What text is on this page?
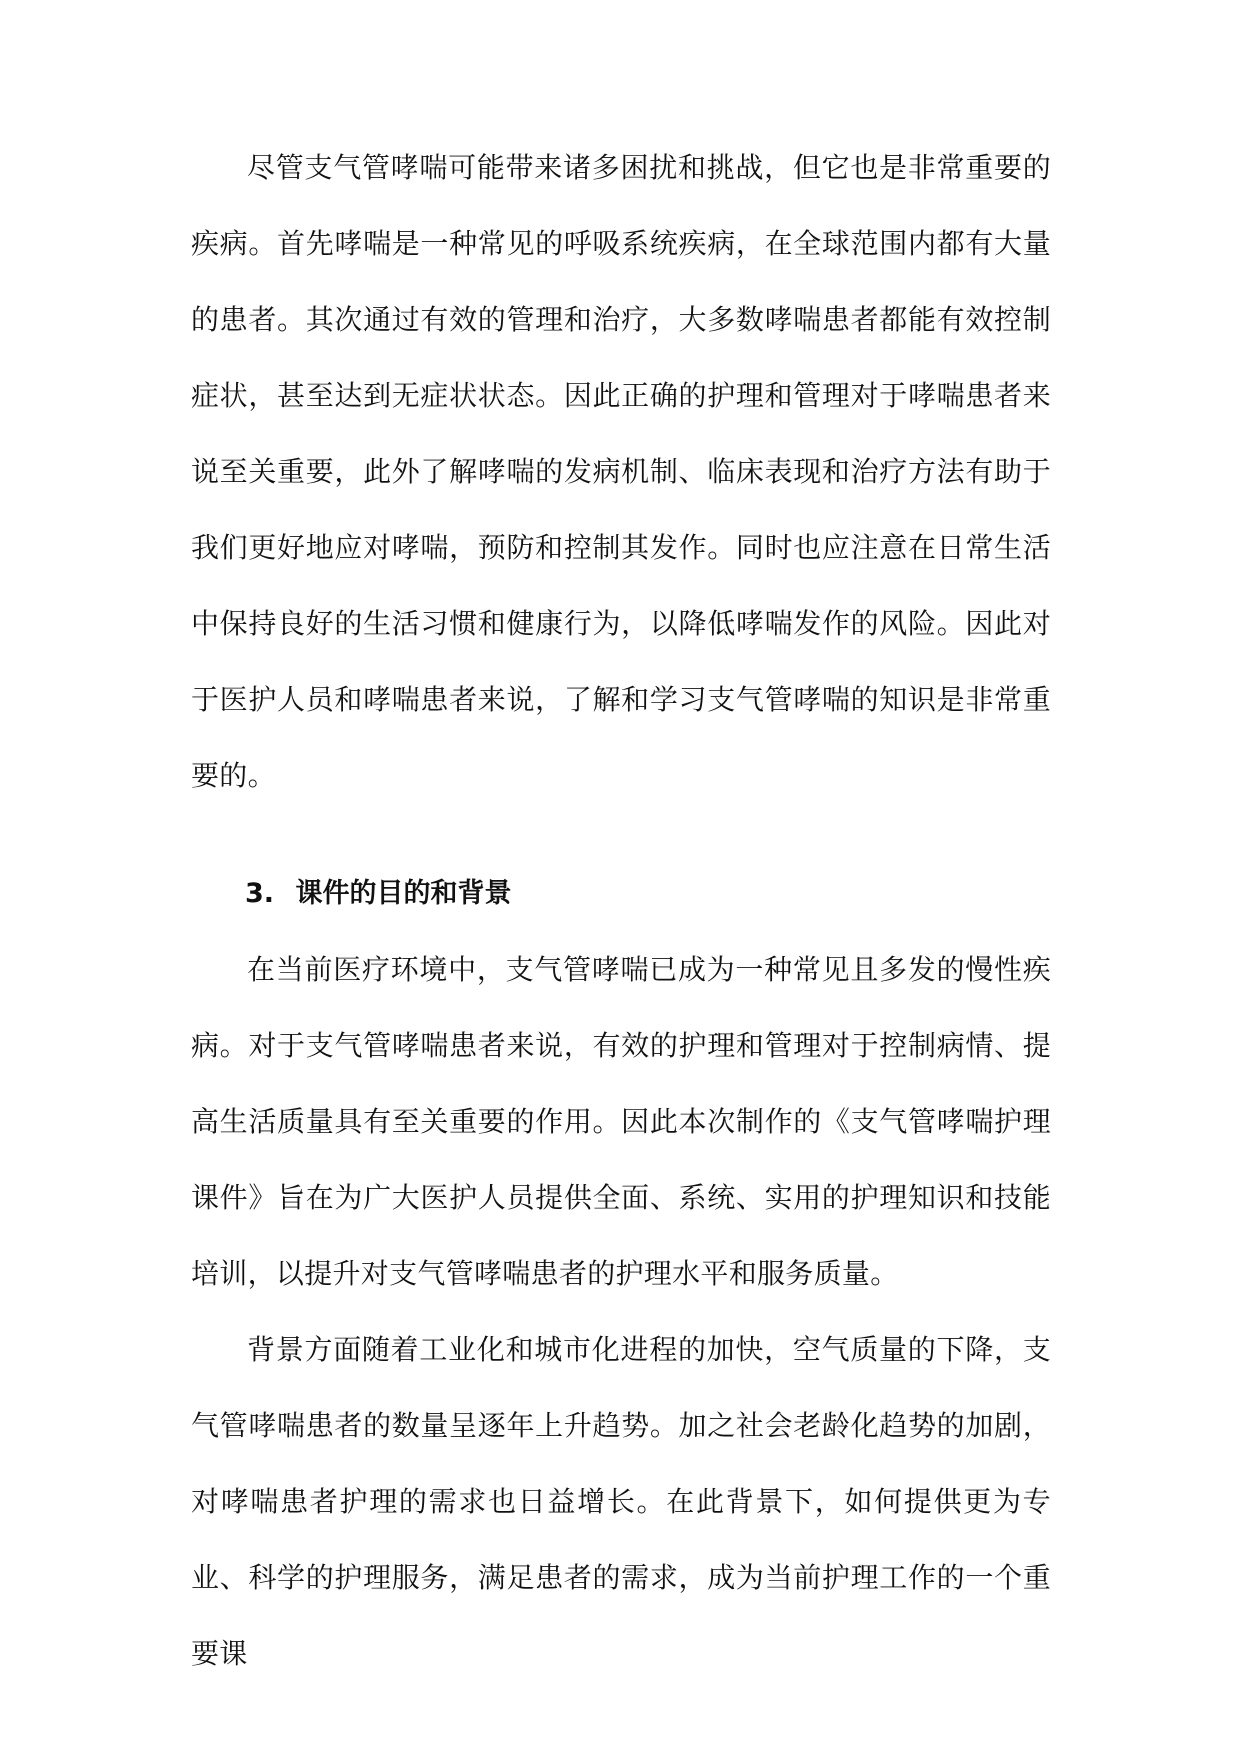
尽管支气管哮喘可能带来诸多困扰和挑战，但它也是非常重要的疾病。首先哮喘是一种常见的呼吸系统疾病，在全球范围内都有大量的患者。其次通过有效的管理和治疗，大多数哮喘患者都能有效控制症状，甚至达到无症状状态。因此正确的护理和管理对于哮喘患者来说至关重要，此外了解哮喘的发病机制、临床表现和治疗方法有助于我们更好地应对哮喘，预防和控制其发作。同时也应注意在日常生活中保持良好的生活习惯和健康行为，以降低哮喘发作的风险。因此对于医护人员和哮喘患者来说，了解和学习支气管哮喘的知识是非常重要的。

3. 课件的目的和背景

在当前医疗环境中，支气管哮喘已成为一种常见且多发的慢性疾病。对于支气管哮喘患者来说，有效的护理和管理对于控制病情、提高生活质量具有至关重要的作用。因此本次制作的《支气管哮喘护理课件》旨在为广大医护人员提供全面、系统、实用的护理知识和技能培训，以提升对支气管哮喘患者的护理水平和服务质量。

背景方面随着工业化和城市化进程的加快，空气质量的下降，支气管哮喘患者的数量呈逐年上升趋势。加之社会老龄化趋势的加剧，对哮喘患者护理的需求也日益增长。在此背景下，如何提供更为专业、科学的护理服务，满足患者的需求，成为当前护理工作的一个重要课
